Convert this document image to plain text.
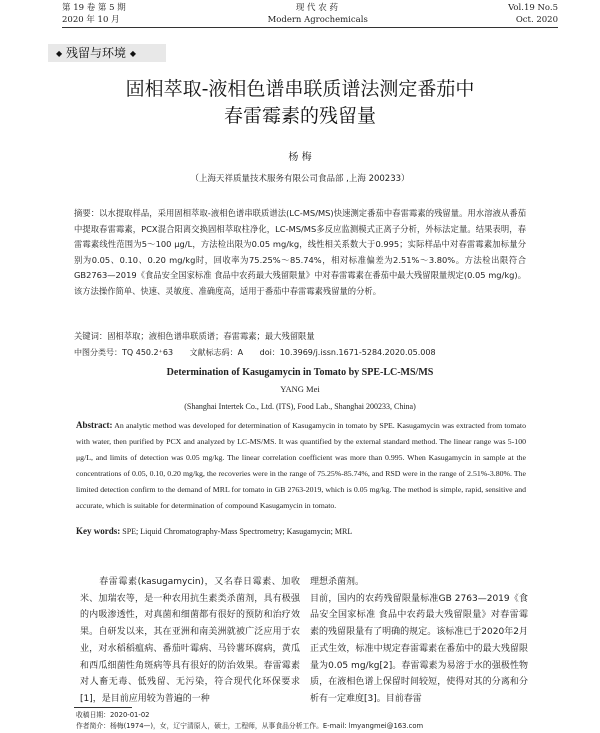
第 19 卷 第 5 期	现 代 农 药	Vol.19 No.5
2020 年 10 月	Modern Agrochemicals	Oct. 2020
◆ 残留与环境 ◆
固相萃取-液相色谱串联质谱法测定番茄中
春雷霉素的残留量
杨 梅
（上海天祥质量技术服务有限公司食品部 ,上海 200233）
摘要：以水提取样品，采用固相萃取-液相色谱串联质谱法(LC-MS/MS)快速测定番茄中春雷霉素的残留量。用水溶液从番茄中提取春雷霉素，PCX混合阳离交换固相萃取柱净化，LC-MS/MS多反应监测模式正离子分析，外标法定量。结果表明，春雷霉素线性范围为5～100 μg/L，方法检出限为0.05 mg/kg，线性相关系数大于0.995；实际样品中对春雷霉素加标量分别为0.05、0.10、0.20 mg/kg时，回收率为75.25%～85.74%，相对标准偏差为2.51%～3.80%。方法检出限符合GB2763—2019《食品安全国家标准 食品中农药最大残留限量》中对春雷霉素在番茄中最大残留限量规定(0.05 mg/kg)。该方法操作简单、快速、灵敏度、准确度高，适用于番茄中春雷霉素残留量的分析。
关键词：固相萃取；液相色谱串联质谱；春雷霉素；最大残留限量
中图分类号：TQ 450.2⁺63 文献标志码：A doi：10.3969/j.issn.1671-5284.2020.05.008
Determination of Kasugamycin in Tomato by SPE-LC-MS/MS
YANG Mei
(Shanghai Intertek Co., Ltd. (ITS), Food Lab., Shanghai 200233, China)
Abstract: An analytic method was developed for determination of Kasugamycin in tomato by SPE. Kasugamycin was extracted from tomato with water, then purified by PCX and analyzed by LC-MS/MS. It was quantified by the external standard method. The linear range was 5-100 μg/L, and limits of detection was 0.05 mg/kg. The linear correlation coefficient was more than 0.995. When Kasugamycin in sample at the concentrations of 0.05, 0.10, 0.20 mg/kg, the recoveries were in the range of 75.25%-85.74%, and RSD were in the range of 2.51%-3.80%. The limited detection confirm to the demand of MRL for tomato in GB 2763-2019, which is 0.05 mg/kg. The method is simple, rapid, sensitive and accurate, which is suitable for determination of compound Kasugamycin in tomato.
Key words: SPE; Liquid Chromatography-Mass Spectrometry; Kasugamycin; MRL

　　春雷霉素(kasugamycin)，又名春日霉素、加收米、加瑞农等，是一种农用抗生素类杀菌剂，具有极强的内吸渗透性，对真菌和细菌都有很好的预防和治疗效果。自研发以来，其在亚洲和南美洲就被广泛应用于农业，对水稻稻瘟病、番茄叶霉病、马铃薯环腐病，黄瓜和西瓜细菌性角斑病等具有很好的防治效果。春雷霉素对人畜无毒、低残留、无污染，符合现代化环保要求[1]，是目前应用较为普遍的一种

理想杀菌剂。

目前，国内的农药残留限量标准GB 2763—2019《食品安全国家标准 食品中农药最大残留限量》对春雷霉素的残留限量有了明确的规定。该标准已于2020年2月正式生效，标准中规定春雷霉素在番茄中的最大残留限量为0.05 mg/kg[2]。春雷霉素为易溶于水的强极性物质，在液相色谱上保留时间较短，使得对其的分离和分析有一定难度[3]。目前春雷

收稿日期：2020-01-02
作者简介：杨梅(1974—)，女，辽宁清原人，硕士，工程师，从事食品分析工作。E-mail: lmyangmei@163.com
